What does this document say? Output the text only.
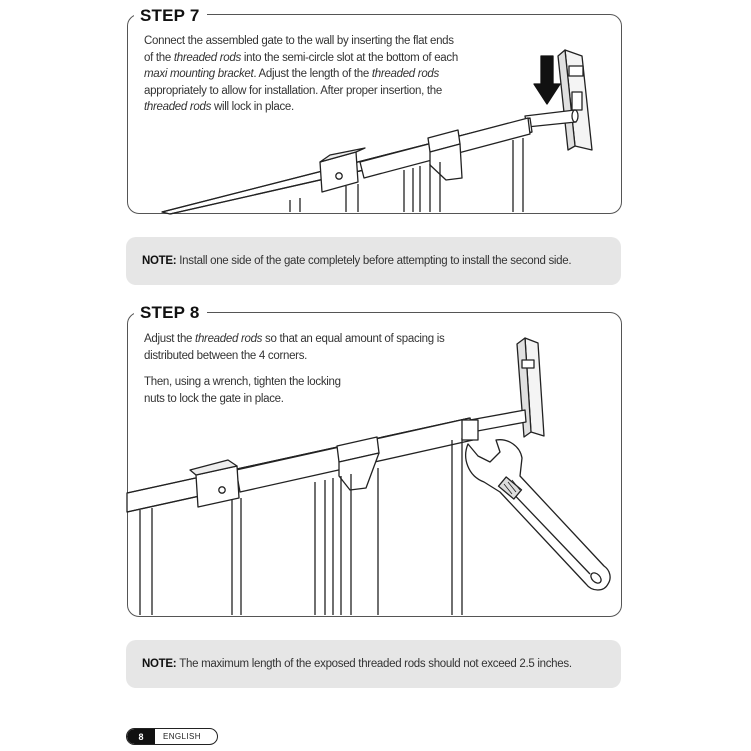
STEP 7

Connect the assembled gate to the wall by inserting the flat ends

of the threaded rods into the semi-circle slot at the bottom of each

maxi mounting bracket. Adjust the length of the threaded rods

appropriately to allow for installation. After proper insertion, the

threaded rods will lock in place.

NOTE: Install one side of the gate completely before attempting to install the second side.
STEP 8

Adjust the threaded rods so that an equal amount of spacing is

distributed between the 4 corners.

Then, using a wrench, tighten the locking

nuts to lock the gate in place.

NOTE: The maximum length of the exposed threaded rods should not exceed 2.5 inches.
8	ENGLISH
